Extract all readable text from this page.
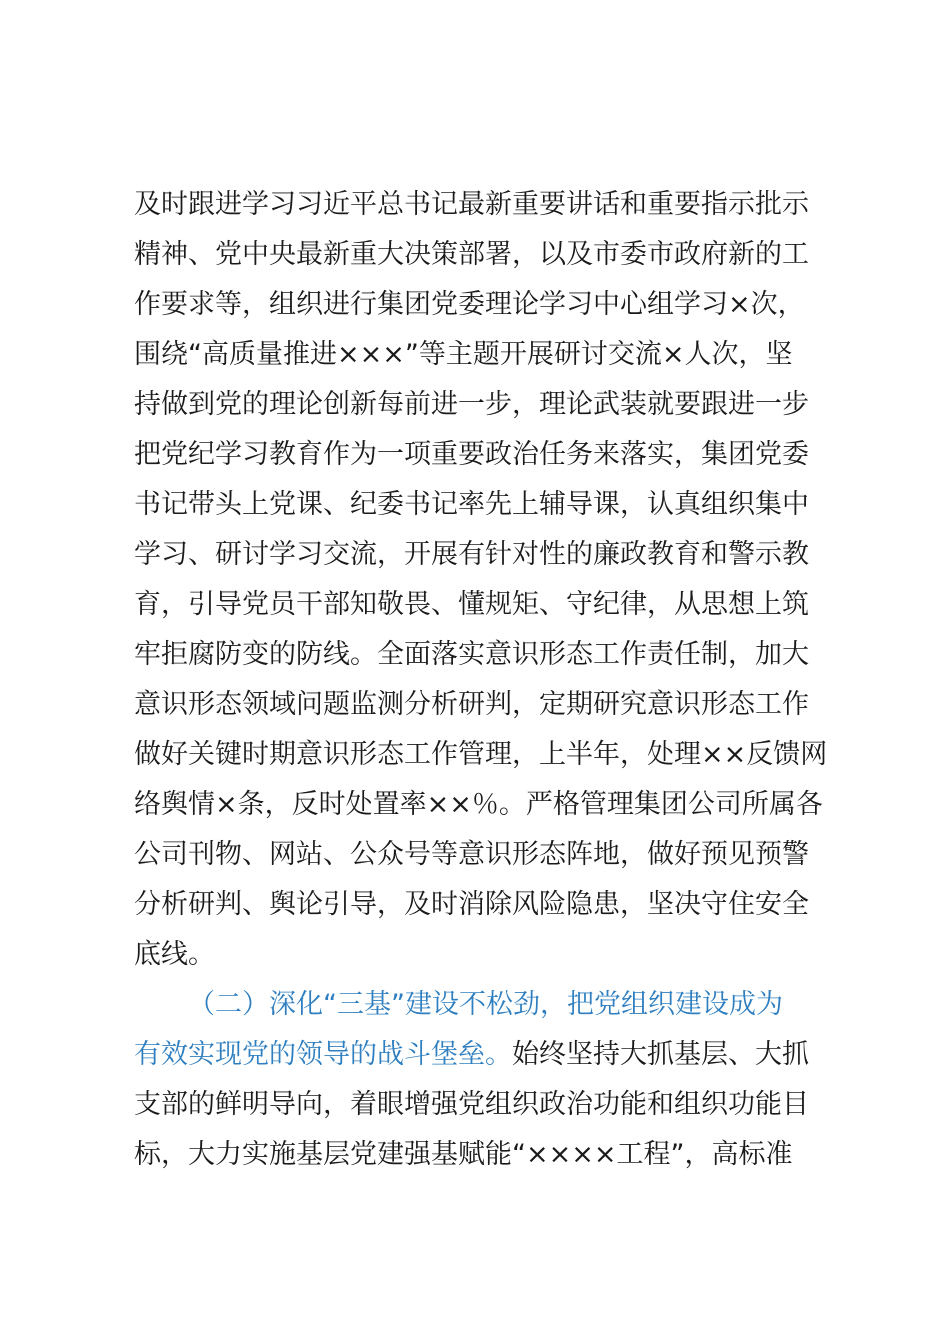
及时跟进学习习近平总书记最新重要讲话和重要指示批示
精神、党中央最新重大决策部署，以及市委市政府新的工
作要求等，组织进行集团党委理论学习中心组学习×次，
围绕“高质量推进×××”等主题开展研讨交流×人次，坚
持做到党的理论创新每前进一步，理论武装就要跟进一步
把党纪学习教育作为一项重要政治任务来落实，集团党委
书记带头上党课、纪委书记率先上辅导课，认真组织集中
学习、研讨学习交流，开展有针对性的廉政教育和警示教
育，引导党员干部知敬畏、懂规矩、守纪律，从思想上筑
牢拒腐防变的防线。全面落实意识形态工作责任制，加大
意识形态领域问题监测分析研判，定期研究意识形态工作
做好关键时期意识形态工作管理，上半年，处理××反馈网
络舆情×条，反时处置率××％。严格管理集团公司所属各
公司刊物、网站、公众号等意识形态阵地，做好预见预警
分析研判、舆论引导，及时消除风险隐患，坚决守住安全
底线。
（二）深化“三基”建设不松劲，把党组织建设成为
有效实现党的领导的战斗堡垒。始终坚持大抓基层、大抓
支部的鲜明导向，着眼增强党组织政治功能和组织功能目
标，大力实施基层党建强基赋能“××××工程”，高标准
